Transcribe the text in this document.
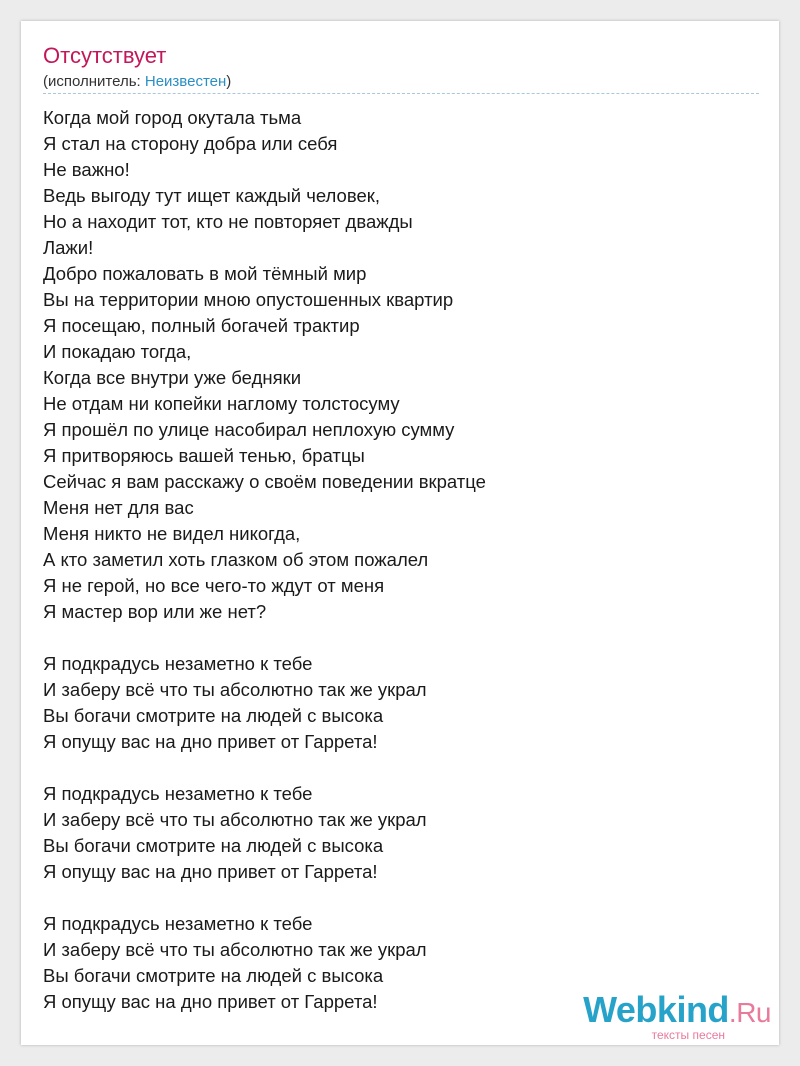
Отсутствует
(исполнитель: Неизвестен)
Когда мой город окутала тьма
Я стал на сторону добра или себя
Не важно!
Ведь выгоду тут ищет каждый человек,
Но а находит тот, кто не повторяет дважды
Лажи!
Добро пожаловать в мой тёмный мир
Вы на территории мною опустошенных квартир
Я посещаю, полный богачей трактир
И покадаю тогда,
Когда все внутри уже бедняки
Не отдам ни копейки наглому толстосуму
Я прошёл по улице насобирал неплохую сумму
Я притворяюсь вашей тенью, братцы
Сейчас я вам расскажу о своём поведении вкратце
Меня нет для вас
Меня никто не видел никогда,
А кто заметил хоть глазком об этом пожалел
Я не герой, но все чего-то ждут от меня
Я мастер вор или же нет?
Я подкрадусь незаметно к тебе
И заберу всё что ты абсолютно так же украл
Вы богачи смотрите на людей с высока
Я опущу вас на дно привет от Гаррета!
Я подкрадусь незаметно к тебе
И заберу всё что ты абсолютно так же украл
Вы богачи смотрите на людей с высока
Я опущу вас на дно привет от Гаррета!
Я подкрадусь незаметно к тебе
И заберу всё что ты абсолютно так же украл
Вы богачи смотрите на людей с высока
Я опущу вас на дно привет от Гаррета!	Webkind.Ru
тексты песен
